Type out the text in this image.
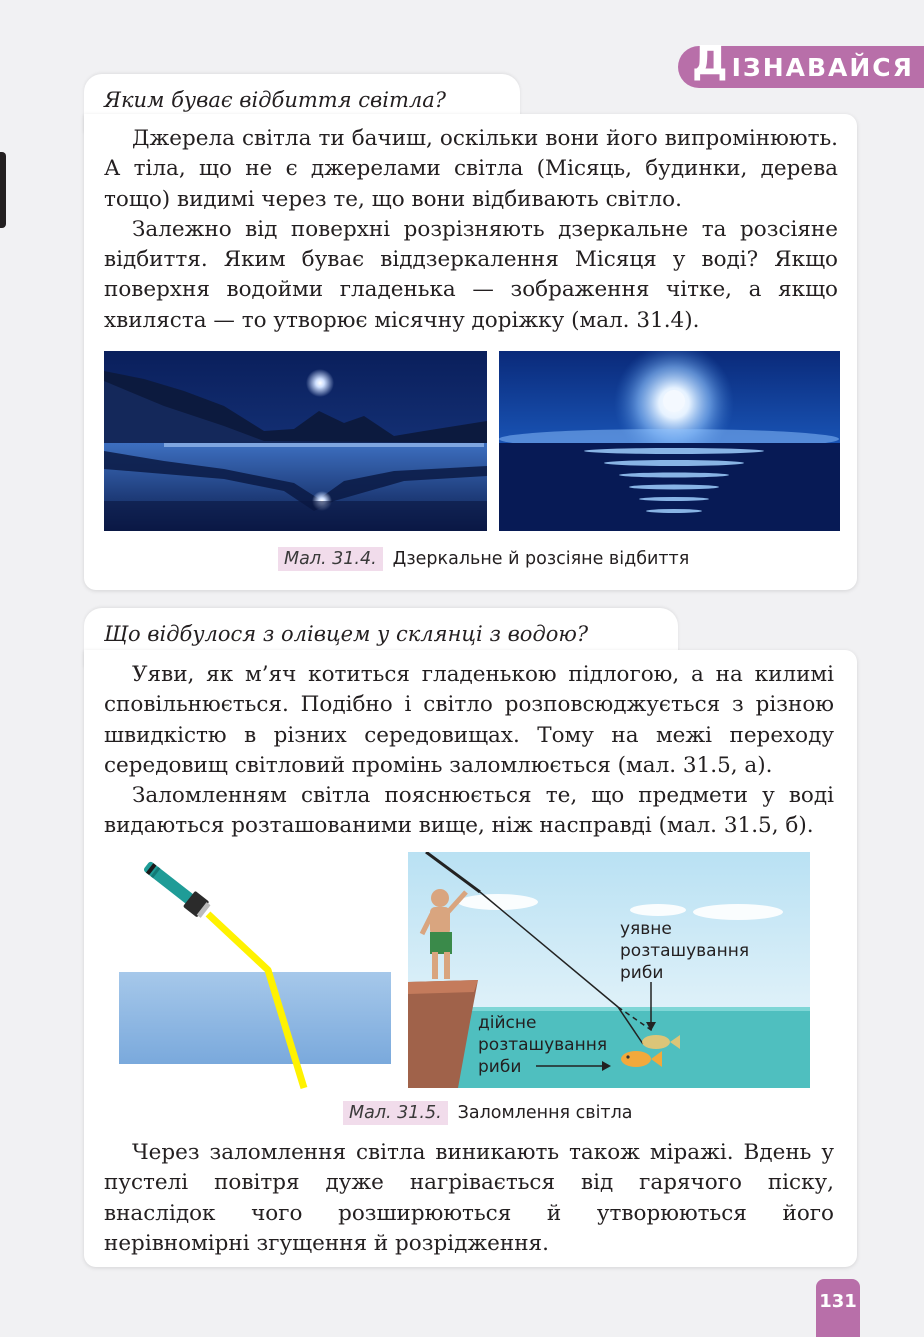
Д ІЗНАВАЙСЯ
Яким буває відбиття світла?

Джерела світла ти бачиш, оскільки вони його випромінюють. А тіла, що не є джерелами світла (Місяць, будинки, дерева тощо) видимі через те, що вони відбивають світло.

Залежно від поверхні розрізняють дзеркальне та розсіяне відбиття. Яким буває віддзеркалення Місяця у воді? Якщо поверхня водойми гладенька — зображення чітке, а якщо хвиляста — то утворює місячну доріжку (мал. 31.4).

Мал. 31.4. Дзеркальне й розсіяне відбиття
Що відбулося з олівцем у склянці з водою?

Уяви, як м’яч котиться гладенькою підлогою, а на килимі сповільнюється. Подібно і світло розповсюджується з різною швидкістю в різних середовищах. Тому на межі переходу середовищ світловий промінь заломлюється (мал. 31.5, а).

Заломленням світла пояснюється те, що предмети у воді видаються розташованими вище, ніж насправді (мал. 31.5, б).

уявне
розташування
риби
дійсне
розташування
риби
Мал. 31.5. Заломлення світла

Через заломлення світла виникають також міражі. Вдень у пустелі повітря дуже нагрівається від гарячого піску, внаслідок чого розширюються й утворюються його нерівномірні згущення й розрідження.

131
